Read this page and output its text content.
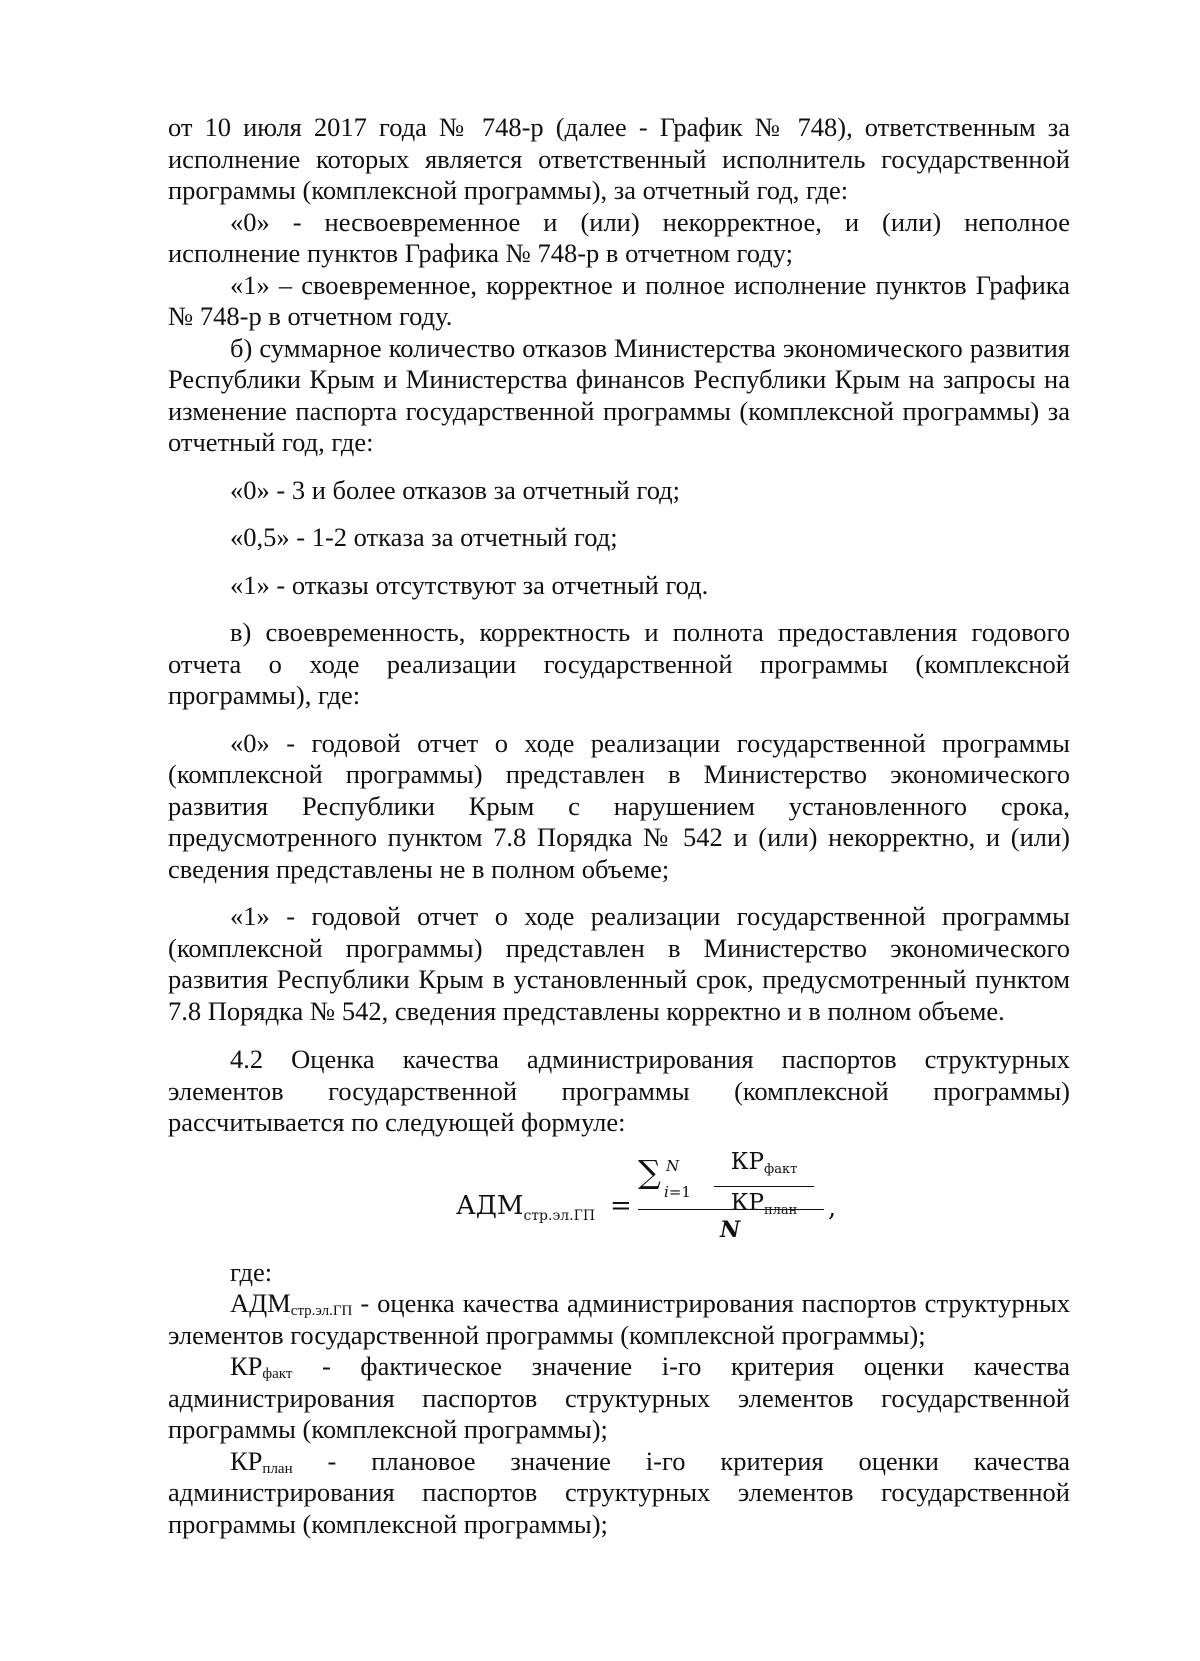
от 10 июля 2017 года № 748-р (далее - График № 748), ответственным за исполнение которых является ответственный исполнитель государственной программы (комплексной программы), за отчетный год, где:

«0» - несвоевременное и (или) некорректное, и (или) неполное исполнение пунктов Графика № 748-р в отчетном году;

«1» – своевременное, корректное и полное исполнение пунктов Графика № 748-р в отчетном году.

б) суммарное количество отказов Министерства экономического развития Республики Крым и Министерства финансов Республики Крым на запросы на изменение паспорта государственной программы (комплексной программы) за отчетный год, где:

«0» - 3 и более отказов за отчетный год;

«0,5» - 1-2 отказа за отчетный год;

«1» - отказы отсутствуют за отчетный год.

в) своевременность, корректность и полнота предоставления годового отчета о ходе реализации государственной программы (комплексной программы), где:

«0» - годовой отчет о ходе реализации государственной программы (комплексной программы) представлен в Министерство экономического развития Республики Крым с нарушением установленного срока, предусмотренного пунктом 7.8 Порядка № 542 и (или) некорректно, и (или) сведения представлены не в полном объеме;

«1» - годовой отчет о ходе реализации государственной программы (комплексной программы) представлен в Министерство экономического развития Республики Крым в установленный срок, предусмотренный пунктом 7.8 Порядка № 542, сведения представлены корректно и в полном объеме.

4.2 Оценка качества администрирования паспортов структурных элементов государственной программы (комплексной программы) рассчитывается по следующей формуле:

$АДМ_{стр.эл.ГП}$ =
∑ N
i=1
КРфакт
КРплан
N
,

где:

$АДМ_{стр.эл.ГП}$ - оценка качества администрирования паспортов структурных элементов государственной программы (комплексной программы);

$КР_{факт}$ - фактическое значение i-го критерия оценки качества администрирования паспортов структурных элементов государственной программы (комплексной программы);

$КР_{план}$ - плановое значение i-го критерия оценки качества администрирования паспортов структурных элементов государственной программы (комплексной программы);
